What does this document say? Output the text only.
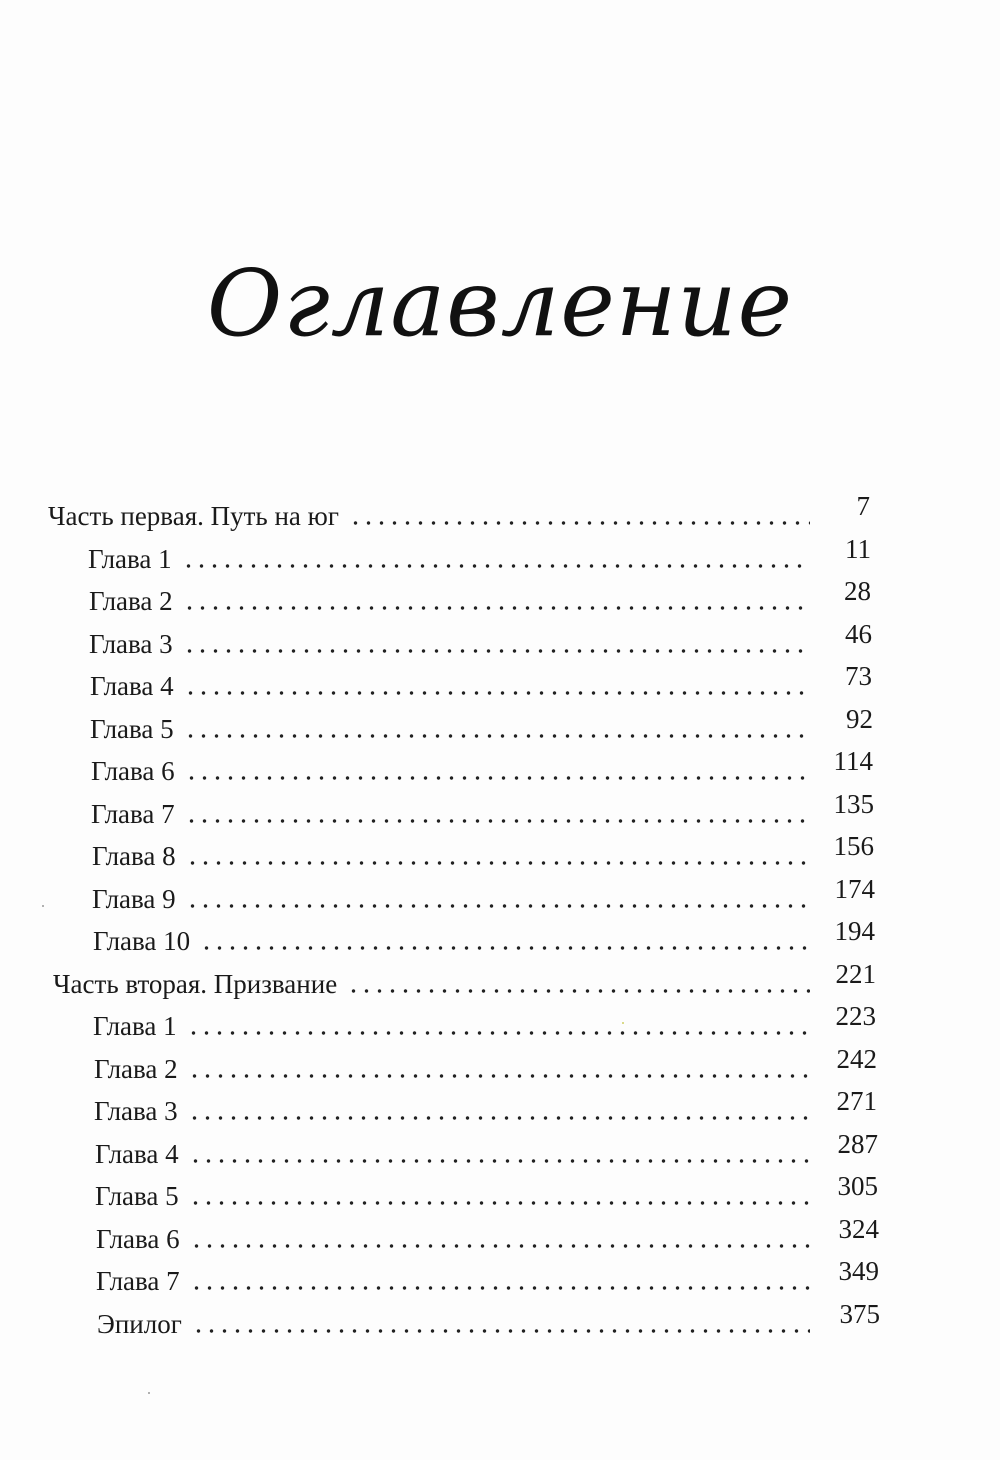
Оглавление
Часть первая. Путь на юг	7
Глава 1	11
Глава 2	28
Глава 3	46
Глава 4	73
Глава 5	92
Глава 6	114
Глава 7	135
Глава 8	156
Глава 9	174
Глава 10	194
Часть вторая. Призвание	221
Глава 1	223
Глава 2	242
Глава 3	271
Глава 4	287
Глава 5	305
Глава 6	324
Глава 7	349
Эпилог	375
